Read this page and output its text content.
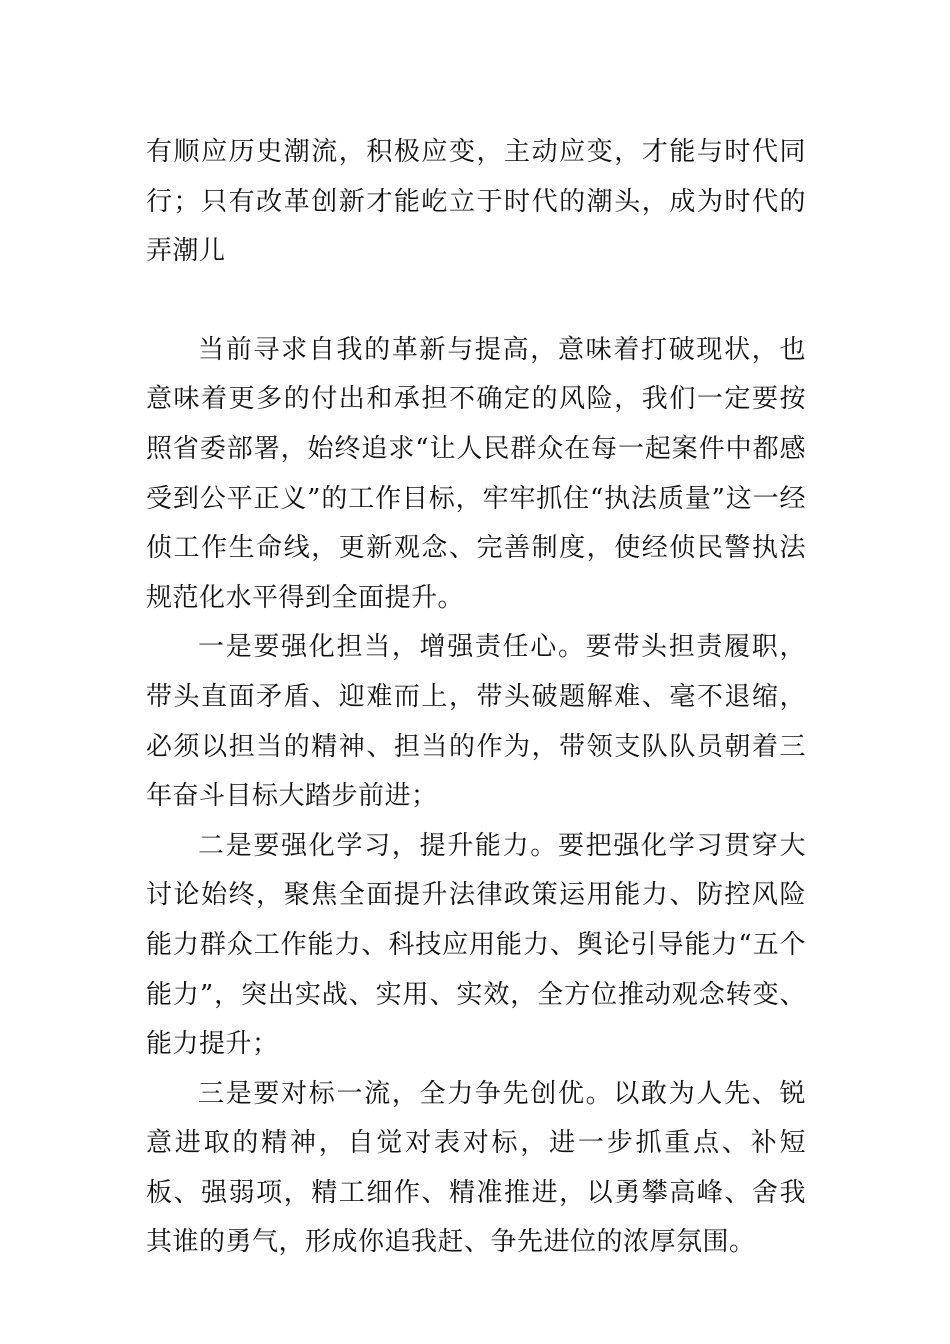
有顺应历史潮流，积极应变，主动应变，才能与时代同行；只有改革创新才能屹立于时代的潮头，成为时代的弄潮儿

当前寻求自我的革新与提高，意味着打破现状，也意味着更多的付出和承担不确定的风险，我们一定要按照省委部署，始终追求“让人民群众在每一起案件中都感受到公平正义”的工作目标，牢牢抓住“执法质量”这一经侦工作生命线，更新观念、完善制度，使经侦民警执法规范化水平得到全面提升。

一是要强化担当，增强责任心。要带头担责履职，带头直面矛盾、迎难而上，带头破题解难、毫不退缩，必须以担当的精神、担当的作为，带领支队队员朝着三年奋斗目标大踏步前进；

二是要强化学习，提升能力。要把强化学习贯穿大讨论始终，聚焦全面提升法律政策运用能力、防控风险能力群众工作能力、科技应用能力、舆论引导能力“五个能力”，突出实战、实用、实效，全方位推动观念转变、能力提升；

三是要对标一流，全力争先创优。以敢为人先、锐意进取的精神，自觉对表对标，进一步抓重点、补短板、强弱项，精工细作、精准推进，以勇攀高峰、舍我其谁的勇气，形成你追我赶、争先进位的浓厚氛围。
